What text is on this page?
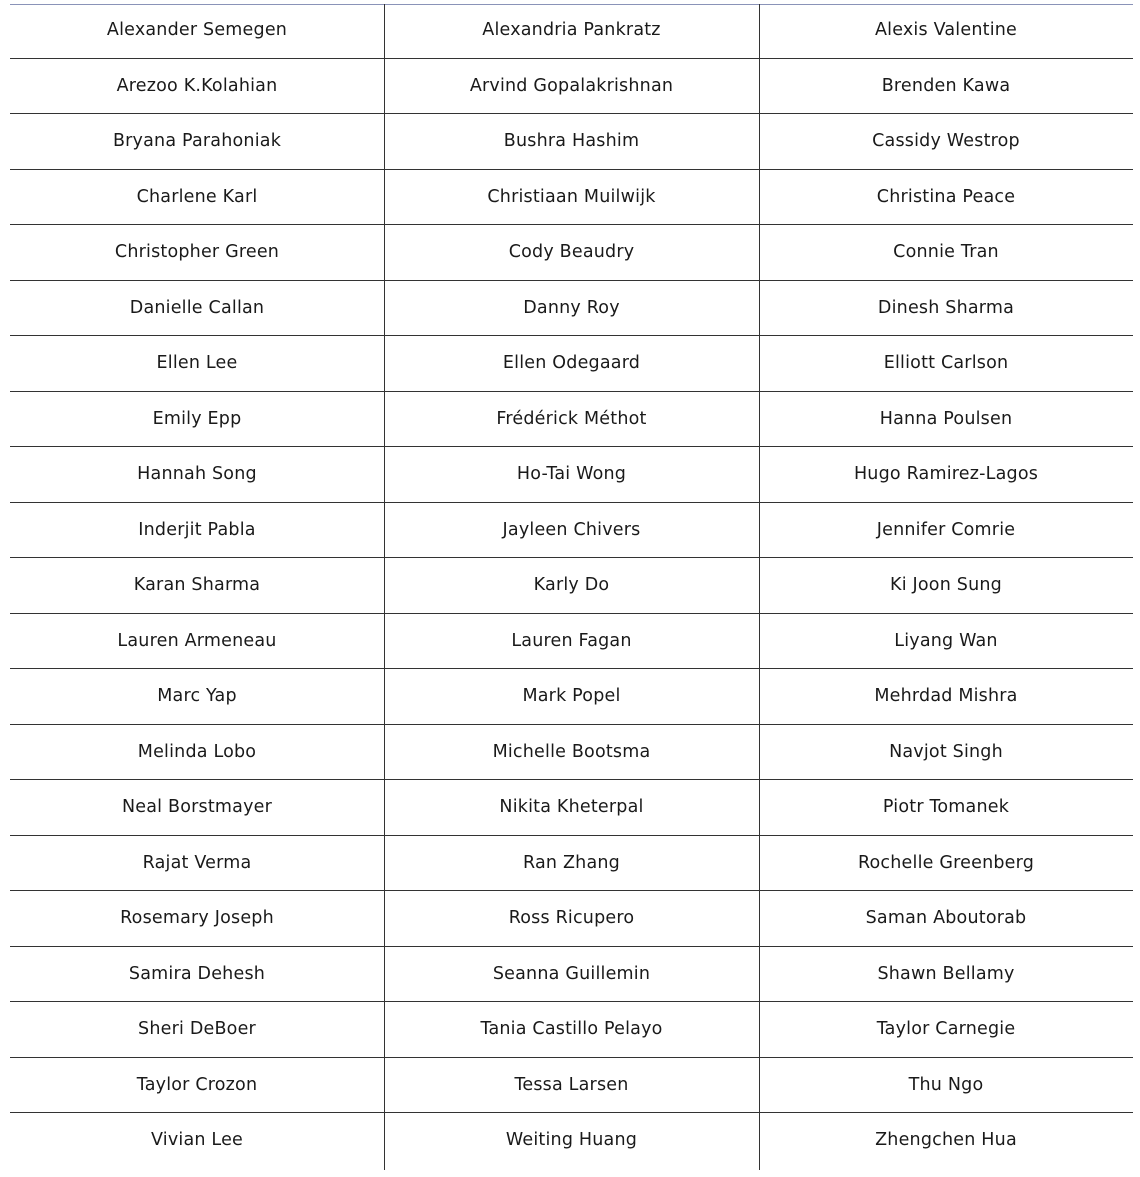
Alexander Semegen	Alexandria Pankratz	Alexis Valentine
Arezoo K.Kolahian	Arvind Gopalakrishnan	Brenden Kawa
Bryana Parahoniak	Bushra Hashim	Cassidy Westrop
Charlene Karl	Christiaan Muilwijk	Christina Peace
Christopher Green	Cody Beaudry	Connie Tran
Danielle Callan	Danny Roy	Dinesh Sharma
Ellen Lee	Ellen Odegaard	Elliott Carlson
Emily Epp	Frédérick Méthot	Hanna Poulsen
Hannah Song	Ho-Tai Wong	Hugo Ramirez-Lagos
Inderjit Pabla	Jayleen Chivers	Jennifer Comrie
Karan Sharma	Karly Do	Ki Joon Sung
Lauren Armeneau	Lauren Fagan	Liyang Wan
Marc Yap	Mark Popel	Mehrdad Mishra
Melinda Lobo	Michelle Bootsma	Navjot Singh
Neal Borstmayer	Nikita Kheterpal	Piotr Tomanek
Rajat Verma	Ran Zhang	Rochelle Greenberg
Rosemary Joseph	Ross Ricupero	Saman Aboutorab
Samira Dehesh	Seanna Guillemin	Shawn Bellamy
Sheri DeBoer	Tania Castillo Pelayo	Taylor Carnegie
Taylor Crozon	Tessa Larsen	Thu Ngo
Vivian Lee	Weiting Huang	Zhengchen Hua
